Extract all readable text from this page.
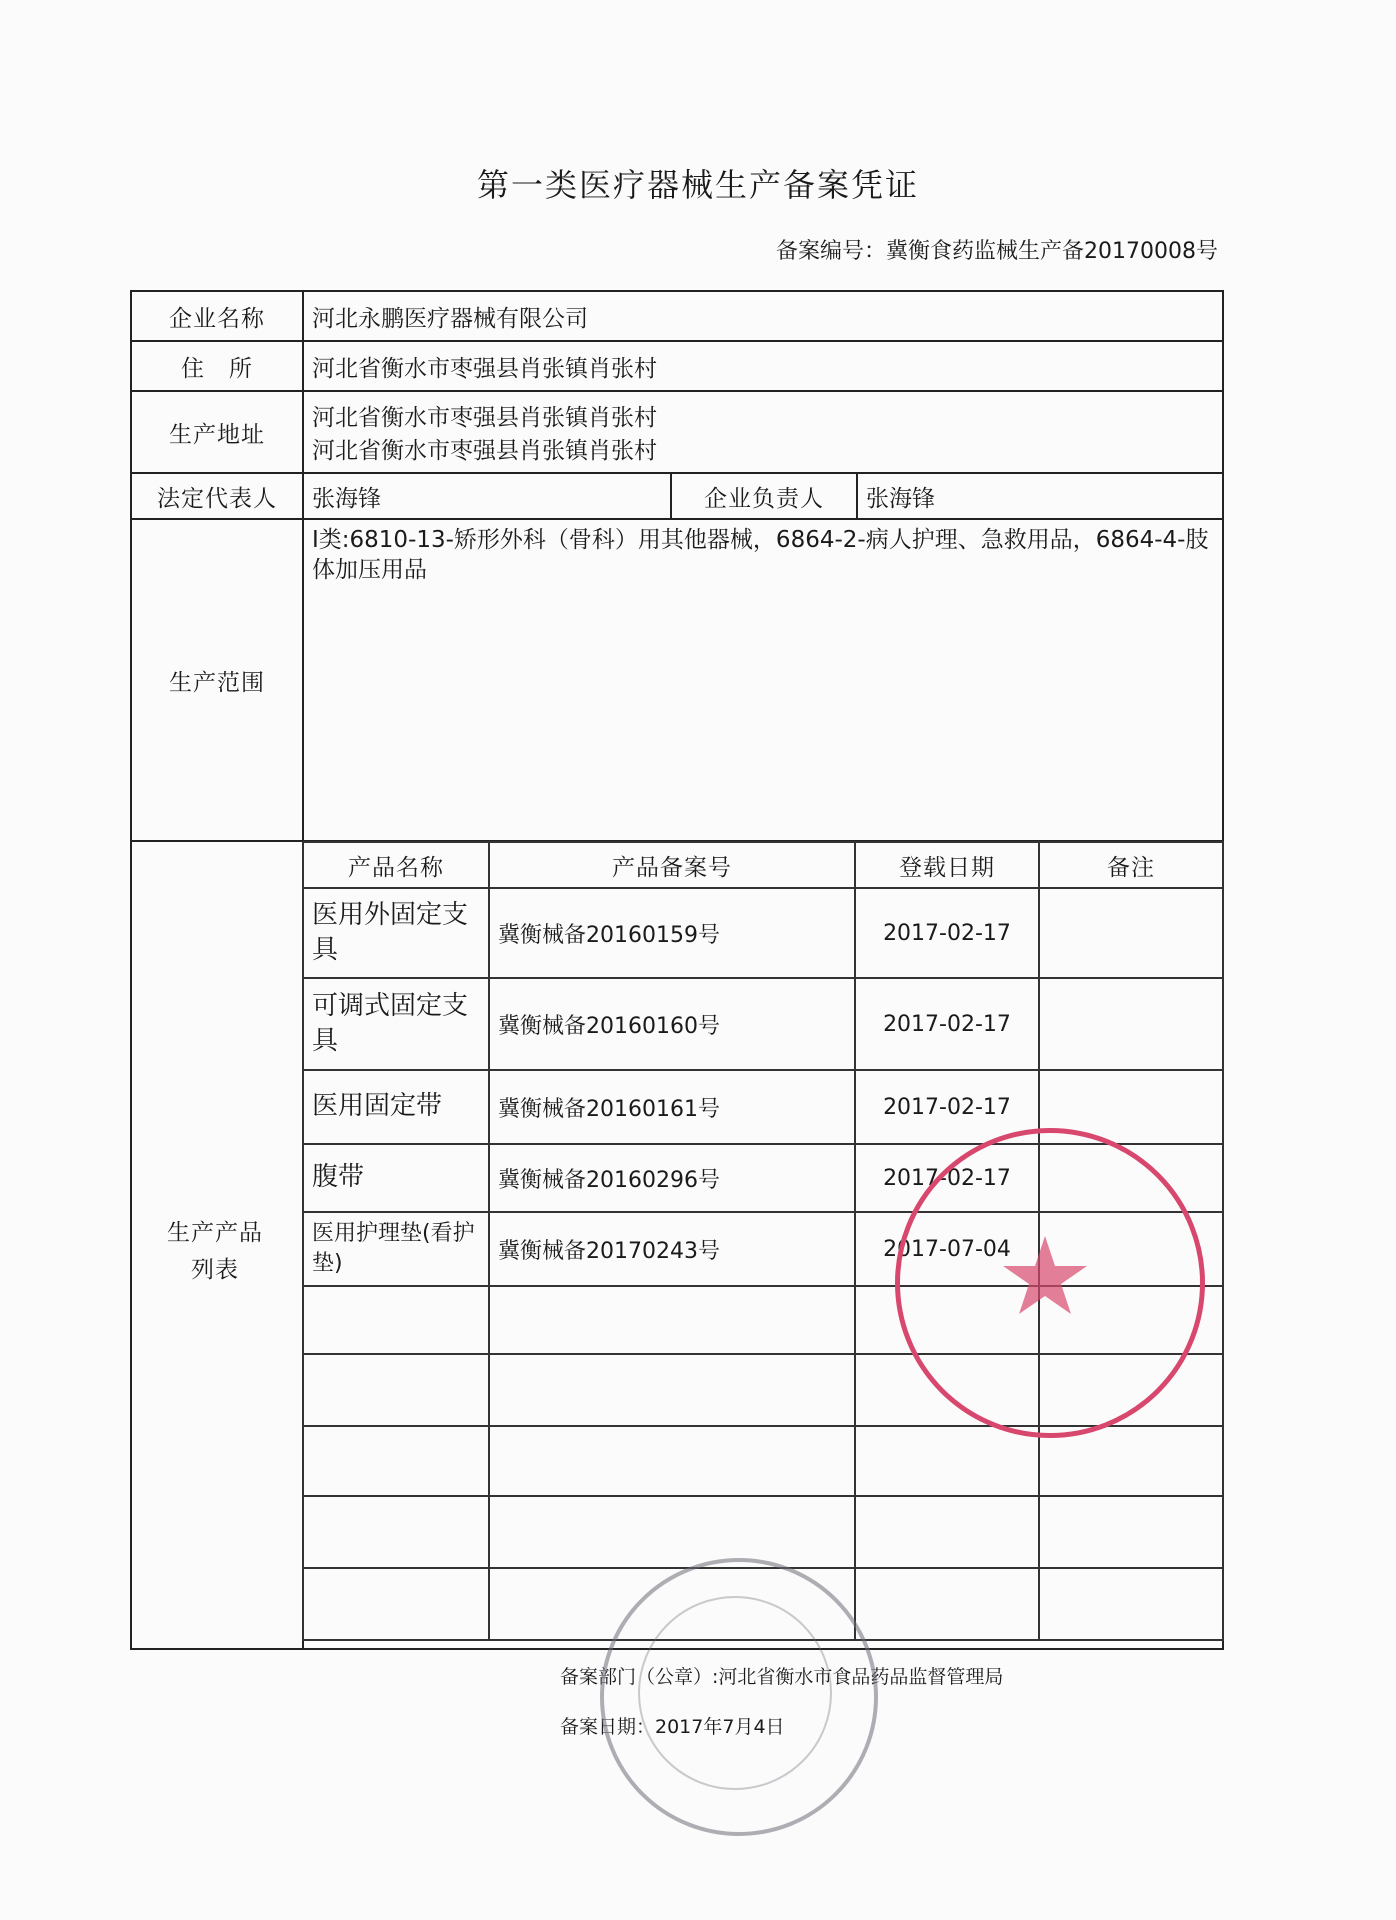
第一类医疗器械生产备案凭证
备案编号：冀衡食药监械生产备20170008号
企业名称	河北永鹏医疗器械有限公司		
住　所	河北省衡水市枣强县肖张镇肖张村		
生产地址	河北省衡水市枣强县肖张镇肖张村
河北省衡水市枣强县肖张镇肖张村		

法定代表人	张海锋	企业负责人	张海锋
生产范围	Ⅰ类:6810-13-矫形外科（骨科）用其他器械，6864-2-病人护理、急救用品，6864-4-肢体加压用品		

生产产品
列表
产品名称	产品备案号	登载日期	备注
医用外固定支具	冀衡械备20160159号	2017-02-17	
可调式固定支具	冀衡械备20160160号	2017-02-17	
医用固定带	冀衡械备20160161号	2017-02-17	
腹带	冀衡械备20160296号	2017-02-17	
医用护理垫(看护垫)	冀衡械备20170243号	2017-07-04	

备案部门（公章）:河北省衡水市食品药品监督管理局
备案日期：2017年7月4日
